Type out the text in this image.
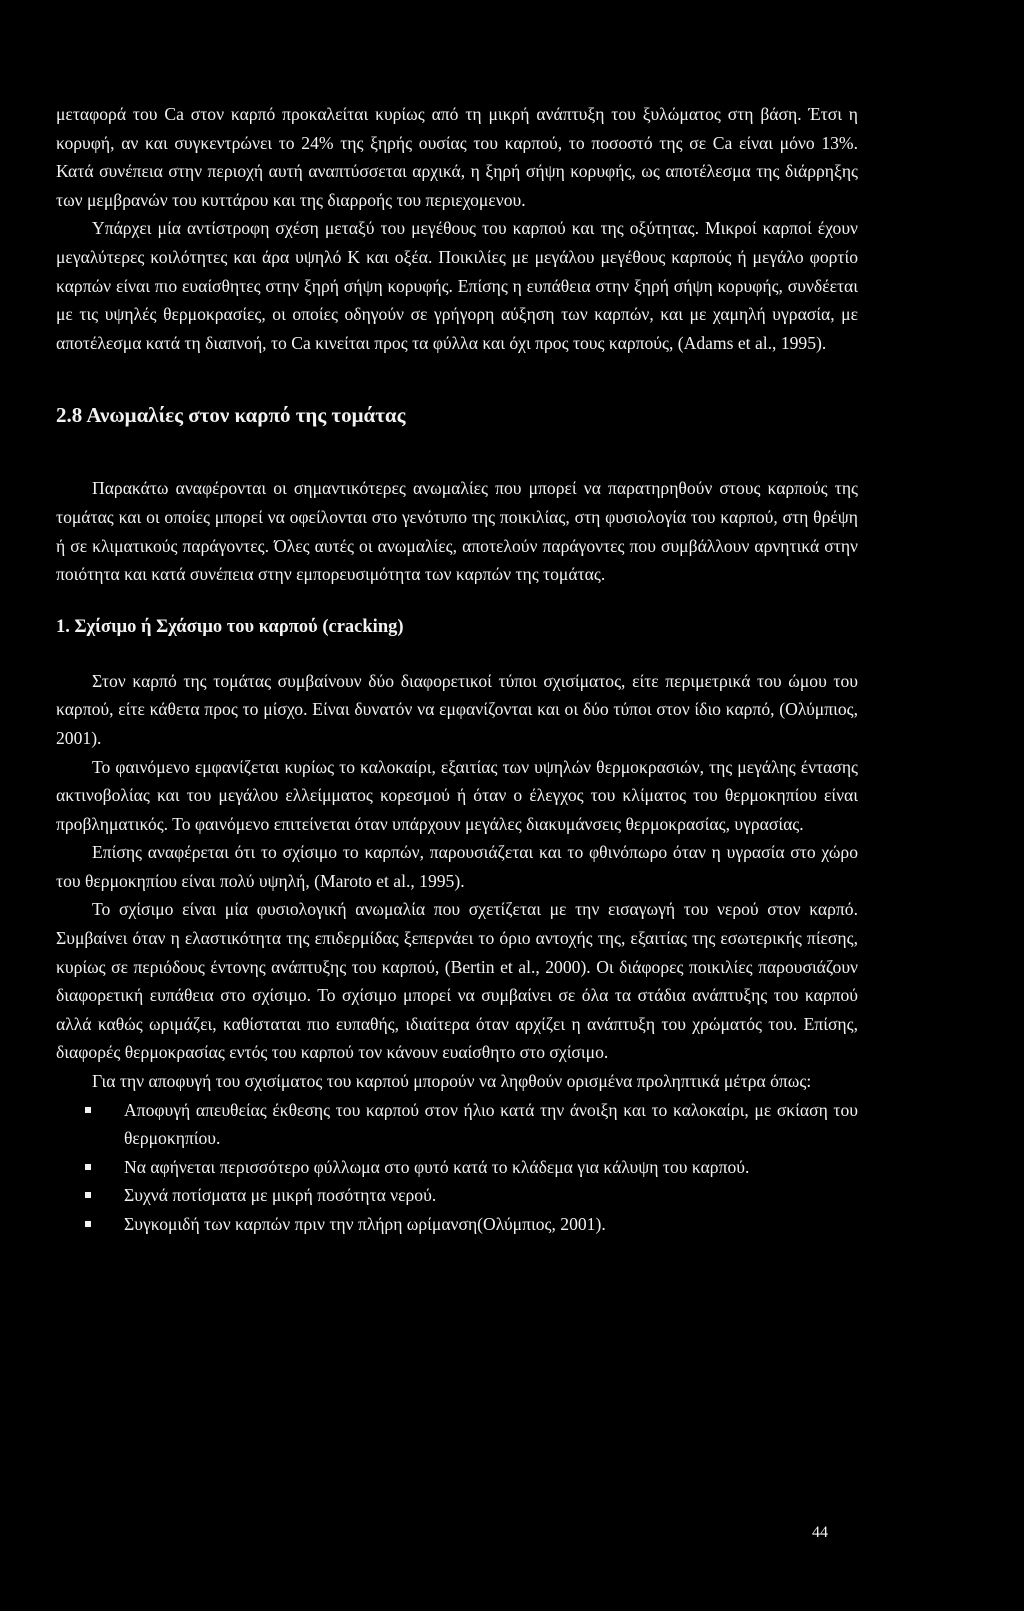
μεταφορά του Ca στον καρπό προκαλείται κυρίως από τη μικρή ανάπτυξη του ξυλώματος στη βάση. Έτσι η κορυφή, αν και συγκεντρώνει το 24% της ξηρής ουσίας του καρπού, το ποσοστό της σε Ca είναι μόνο 13%. Κατά συνέπεια στην περιοχή αυτή αναπτύσσεται αρχικά, η ξηρή σήψη κορυφής, ως αποτέλεσμα της διάρρηξης των μεμβρανών του κυττάρου και της διαρροής του περιεχομενου.

Υπάρχει μία αντίστροφη σχέση μεταξύ του μεγέθους του καρπού και της οξύτητας. Μικροί καρποί έχουν μεγαλύτερες κοιλότητες και άρα υψηλό K και οξέα. Ποικιλίες με μεγάλου μεγέθους καρπούς ή μεγάλο φορτίο καρπών είναι πιο ευαίσθητες στην ξηρή σήψη κορυφής. Επίσης η ευπάθεια στην ξηρή σήψη κορυφής, συνδέεται με τις υψηλές θερμοκρασίες, οι οποίες οδηγούν σε γρήγορη αύξηση των καρπών, και με χαμηλή υγρασία, με αποτέλεσμα κατά τη διαπνοή, το Ca κινείται προς τα φύλλα και όχι προς τους καρπούς, (Adams et al., 1995).

2.8 Ανωμαλίες στον καρπό της τομάτας

Παρακάτω αναφέρονται οι σημαντικότερες ανωμαλίες που μπορεί να παρατηρηθούν στους καρπούς της τομάτας και οι οποίες μπορεί να οφείλονται στο γενότυπο της ποικιλίας, στη φυσιολογία του καρπού, στη θρέψη ή σε κλιματικούς παράγοντες. Όλες αυτές οι ανωμαλίες, αποτελούν παράγοντες που συμβάλλουν αρνητικά στην ποιότητα και κατά συνέπεια στην εμπορευσιμότητα των καρπών της τομάτας.

1. Σχίσιμο ή Σχάσιμο του καρπού (cracking)

Στον καρπό της τομάτας συμβαίνουν δύο διαφορετικοί τύποι σχισίματος, είτε περιμετρικά του ώμου του καρπού, είτε κάθετα προς το μίσχο. Είναι δυνατόν να εμφανίζονται και οι δύο τύποι στον ίδιο καρπό, (Ολύμπιος, 2001).

Το φαινόμενο εμφανίζεται κυρίως το καλοκαίρι, εξαιτίας των υψηλών θερμοκρασιών, της μεγάλης έντασης ακτινοβολίας και του μεγάλου ελλείμματος κορεσμού ή όταν ο έλεγχος του κλίματος του θερμοκηπίου είναι προβληματικός. Το φαινόμενο επιτείνεται όταν υπάρχουν μεγάλες διακυμάνσεις θερμοκρασίας, υγρασίας.

Επίσης αναφέρεται ότι το σχίσιμο το καρπών, παρουσιάζεται και το φθινόπωρο όταν η υγρασία στο χώρο του θερμοκηπίου είναι πολύ υψηλή, (Maroto et al., 1995).

Το σχίσιμο είναι μία φυσιολογική ανωμαλία που σχετίζεται με την εισαγωγή του νερού στον καρπό. Συμβαίνει όταν η ελαστικότητα της επιδερμίδας ξεπερνάει το όριο αντοχής της, εξαιτίας της εσωτερικής πίεσης, κυρίως σε περιόδους έντονης ανάπτυξης του καρπού, (Bertin et al., 2000). Οι διάφορες ποικιλίες παρουσιάζουν διαφορετική ευπάθεια στο σχίσιμο. Το σχίσιμο μπορεί να συμβαίνει σε όλα τα στάδια ανάπτυξης του καρπού αλλά καθώς ωριμάζει, καθίσταται πιο ευπαθής, ιδιαίτερα όταν αρχίζει η ανάπτυξη του χρώματός του. Επίσης, διαφορές θερμοκρασίας εντός του καρπού τον κάνουν ευαίσθητο στο σχίσιμο.

Για την αποφυγή του σχισίματος του καρπού μπορούν να ληφθούν ορισμένα προληπτικά μέτρα όπως:

Αποφυγή απευθείας έκθεσης του καρπού στον ήλιο κατά την άνοιξη και το καλοκαίρι, με σκίαση του θερμοκηπίου.
Να αφήνεται περισσότερο φύλλωμα στο φυτό κατά το κλάδεμα για κάλυψη του καρπού.
Συχνά ποτίσματα με μικρή ποσότητα νερού.
Συγκομιδή των καρπών πριν την πλήρη ωρίμανση(Ολύμπιος, 2001).
44
